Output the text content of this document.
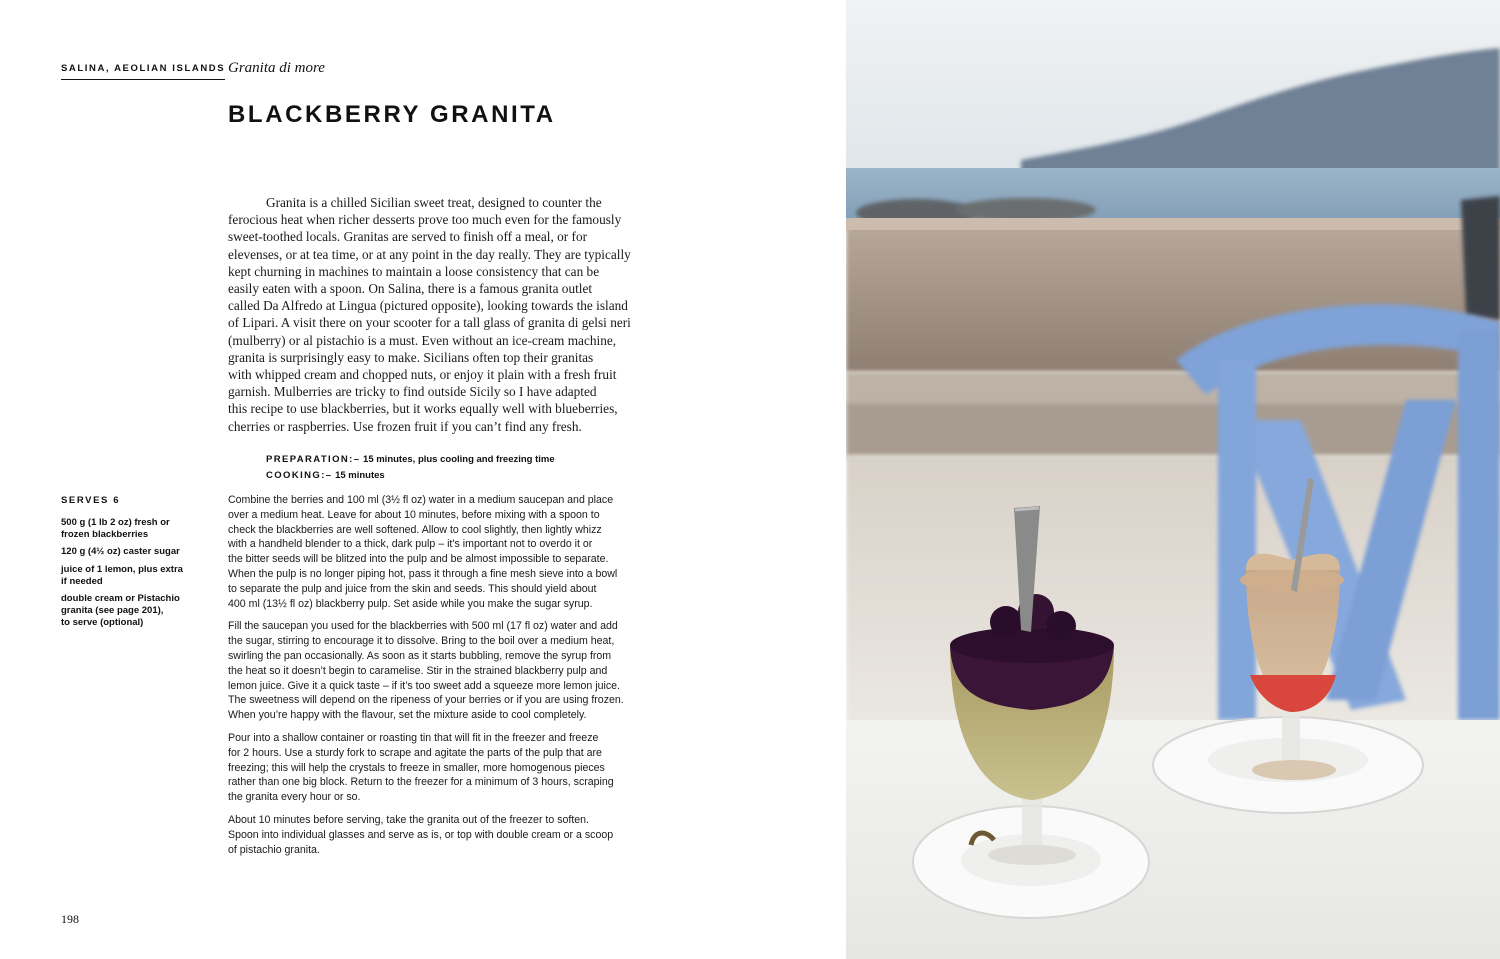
SALINA, AEOLIAN ISLANDS Granita di more
BLACKBERRY GRANITA
Granita is a chilled Sicilian sweet treat, designed to counter the
ferocious heat when richer desserts prove too much even for the famously
sweet-toothed locals. Granitas are served to finish off a meal, or for
elevenses, or at tea time, or at any point in the day really. They are typically
kept churning in machines to maintain a loose consistency that can be
easily eaten with a spoon. On Salina, there is a famous granita outlet
called Da Alfredo at Lingua (pictured opposite), looking towards the island
of Lipari. A visit there on your scooter for a tall glass of granita di gelsi neri
(mulberry) or al pistachio is a must. Even without an ice-cream machine,
granita is surprisingly easy to make. Sicilians often top their granitas
with whipped cream and chopped nuts, or enjoy it plain with a fresh fruit
garnish. Mulberries are tricky to find outside Sicily so I have adapted
this recipe to use blackberries, but it works equally well with blueberries,
cherries or raspberries. Use frozen fruit if you can’t find any fresh.
PREPARATION:– 15 minutes, plus cooling and freezing time
COOKING:– 15 minutes
SERVES 6
500 g (1 lb 2 oz) fresh or
frozen blackberries
120 g (4½ oz) caster sugar
juice of 1 lemon, plus extra
if needed
double cream or Pistachio
granita (see page 201),
to serve (optional)

Combine the berries and 100 ml (3½ fl oz) water in a medium saucepan and place
over a medium heat. Leave for about 10 minutes, before mixing with a spoon to
check the blackberries are well softened. Allow to cool slightly, then lightly whizz
with a handheld blender to a thick, dark pulp – it’s important not to overdo it or
the bitter seeds will be blitzed into the pulp and be almost impossible to separate.
When the pulp is no longer piping hot, pass it through a fine mesh sieve into a bowl
to separate the pulp and juice from the skin and seeds. This should yield about
400 ml (13½ fl oz) blackberry pulp. Set aside while you make the sugar syrup.

Fill the saucepan you used for the blackberries with 500 ml (17 fl oz) water and add
the sugar, stirring to encourage it to dissolve. Bring to the boil over a medium heat,
swirling the pan occasionally. As soon as it starts bubbling, remove the syrup from
the heat so it doesn’t begin to caramelise. Stir in the strained blackberry pulp and
lemon juice. Give it a quick taste – if it’s too sweet add a squeeze more lemon juice.
The sweetness will depend on the ripeness of your berries or if you are using frozen.
When you’re happy with the flavour, set the mixture aside to cool completely.

Pour into a shallow container or roasting tin that will fit in the freezer and freeze
for 2 hours. Use a sturdy fork to scrape and agitate the parts of the pulp that are
freezing; this will help the crystals to freeze in smaller, more homogenous pieces
rather than one big block. Return to the freezer for a minimum of 3 hours, scraping
the granita every hour or so.

About 10 minutes before serving, take the granita out of the freezer to soften.
Spoon into individual glasses and serve as is, or top with double cream or a scoop
of pistachio granita.

198
